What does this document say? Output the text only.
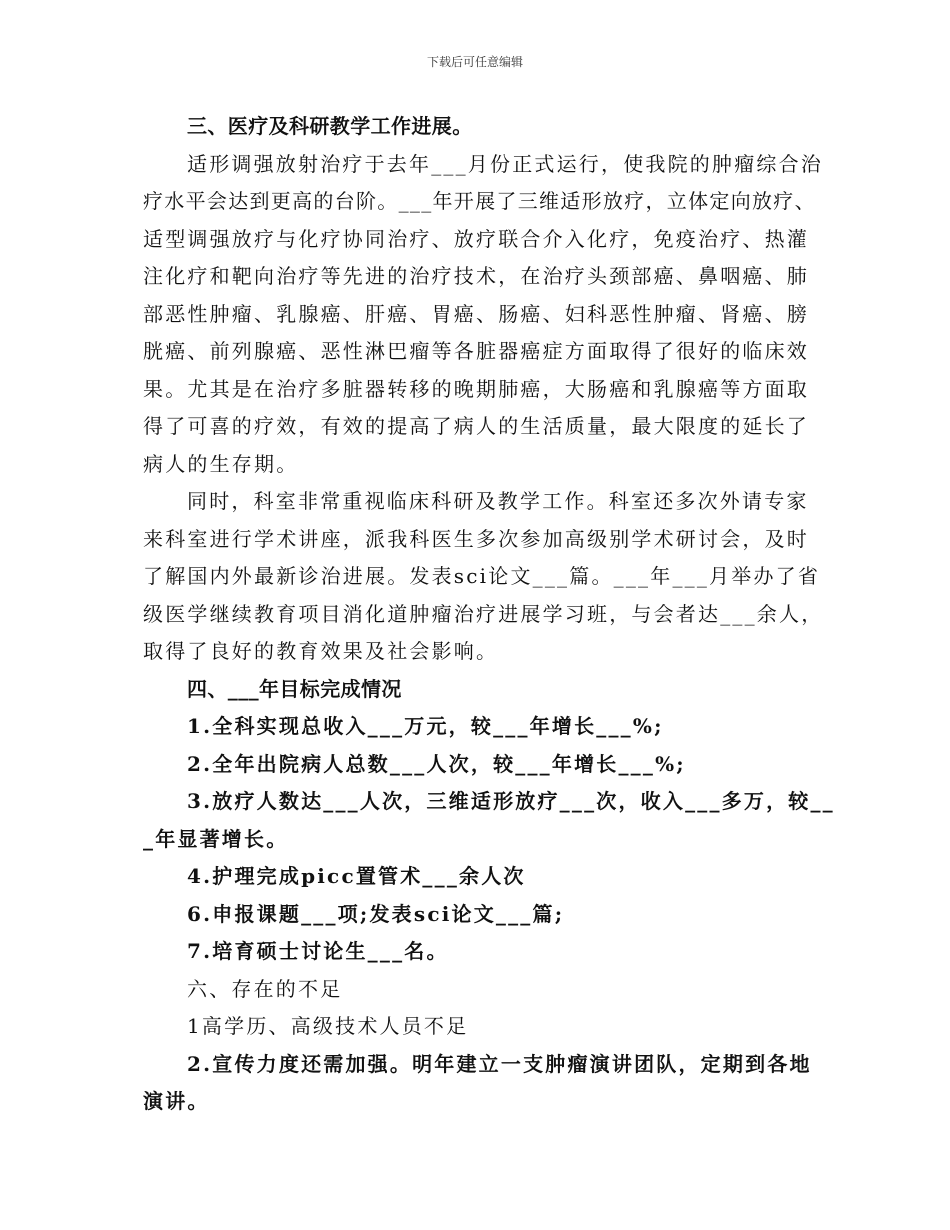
下载后可任意编辑
三、医疗及科研教学工作进展。
适形调强放射治疗于去年___月份正式运行，使我院的肿瘤综合治
疗水平会达到更高的台阶。___年开展了三维适形放疗，立体定向放疗、
适型调强放疗与化疗协同治疗、放疗联合介入化疗，免疫治疗、热灌
注化疗和靶向治疗等先进的治疗技术，在治疗头颈部癌、鼻咽癌、肺
部恶性肿瘤、乳腺癌、肝癌、胃癌、肠癌、妇科恶性肿瘤、肾癌、膀
胱癌、前列腺癌、恶性淋巴瘤等各脏器癌症方面取得了很好的临床效
果。尤其是在治疗多脏器转移的晚期肺癌，大肠癌和乳腺癌等方面取
得了可喜的疗效，有效的提高了病人的生活质量，最大限度的延长了
病人的生存期。
同时，科室非常重视临床科研及教学工作。科室还多次外请专家
来科室进行学术讲座，派我科医生多次参加高级别学术研讨会，及时
了解国内外最新诊治进展。发表sci论文___篇。___年___月举办了省
级医学继续教育项目消化道肿瘤治疗进展学习班，与会者达___余人，
取得了良好的教育效果及社会影响。
四、___年目标完成情况
1.全科实现总收入___万元，较___年增长___%;
2.全年出院病人总数___人次，较___年增长___%;
3.放疗人数达___人次，三维适形放疗___次，收入___多万，较__
_年显著增长。
4.护理完成picc置管术___余人次
6.申报课题___项;发表sci论文___篇;
7.培育硕士讨论生___名。
六、存在的不足
1高学历、高级技术人员不足
2.宣传力度还需加强。明年建立一支肿瘤演讲团队，定期到各地
演讲。
